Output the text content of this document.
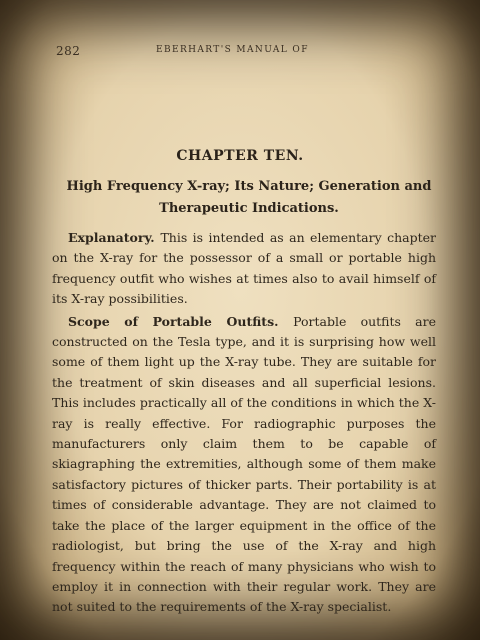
282	EBERHART'S MANUAL OF
CHAPTER TEN.
High Frequency X-ray; Its Nature; Generation and Therapeutic Indications.

Explanatory. This is intended as an elementary chapter on the X-ray for the possessor of a small or portable high frequency outfit who wishes at times also to avail himself of its X-ray possibilities.

Scope of Portable Outfits. Portable outfits are constructed on the Tesla type, and it is surprising how well some of them light up the X-ray tube. They are suitable for the treatment of skin diseases and all superficial lesions. This includes practically all of the conditions in which the X-ray is really effective. For radiographic purposes the manufacturers only claim them to be capable of skiagraphing the extremities, although some of them make satisfactory pictures of thicker parts. Their portability is at times of considerable advantage. They are not claimed to take the place of the larger equipment in the office of the radiologist, but bring the use of the X-ray and high frequency within the reach of many physicians who wish to employ it in connection with their regular work. They are not suited to the requirements of the X-ray specialist.
